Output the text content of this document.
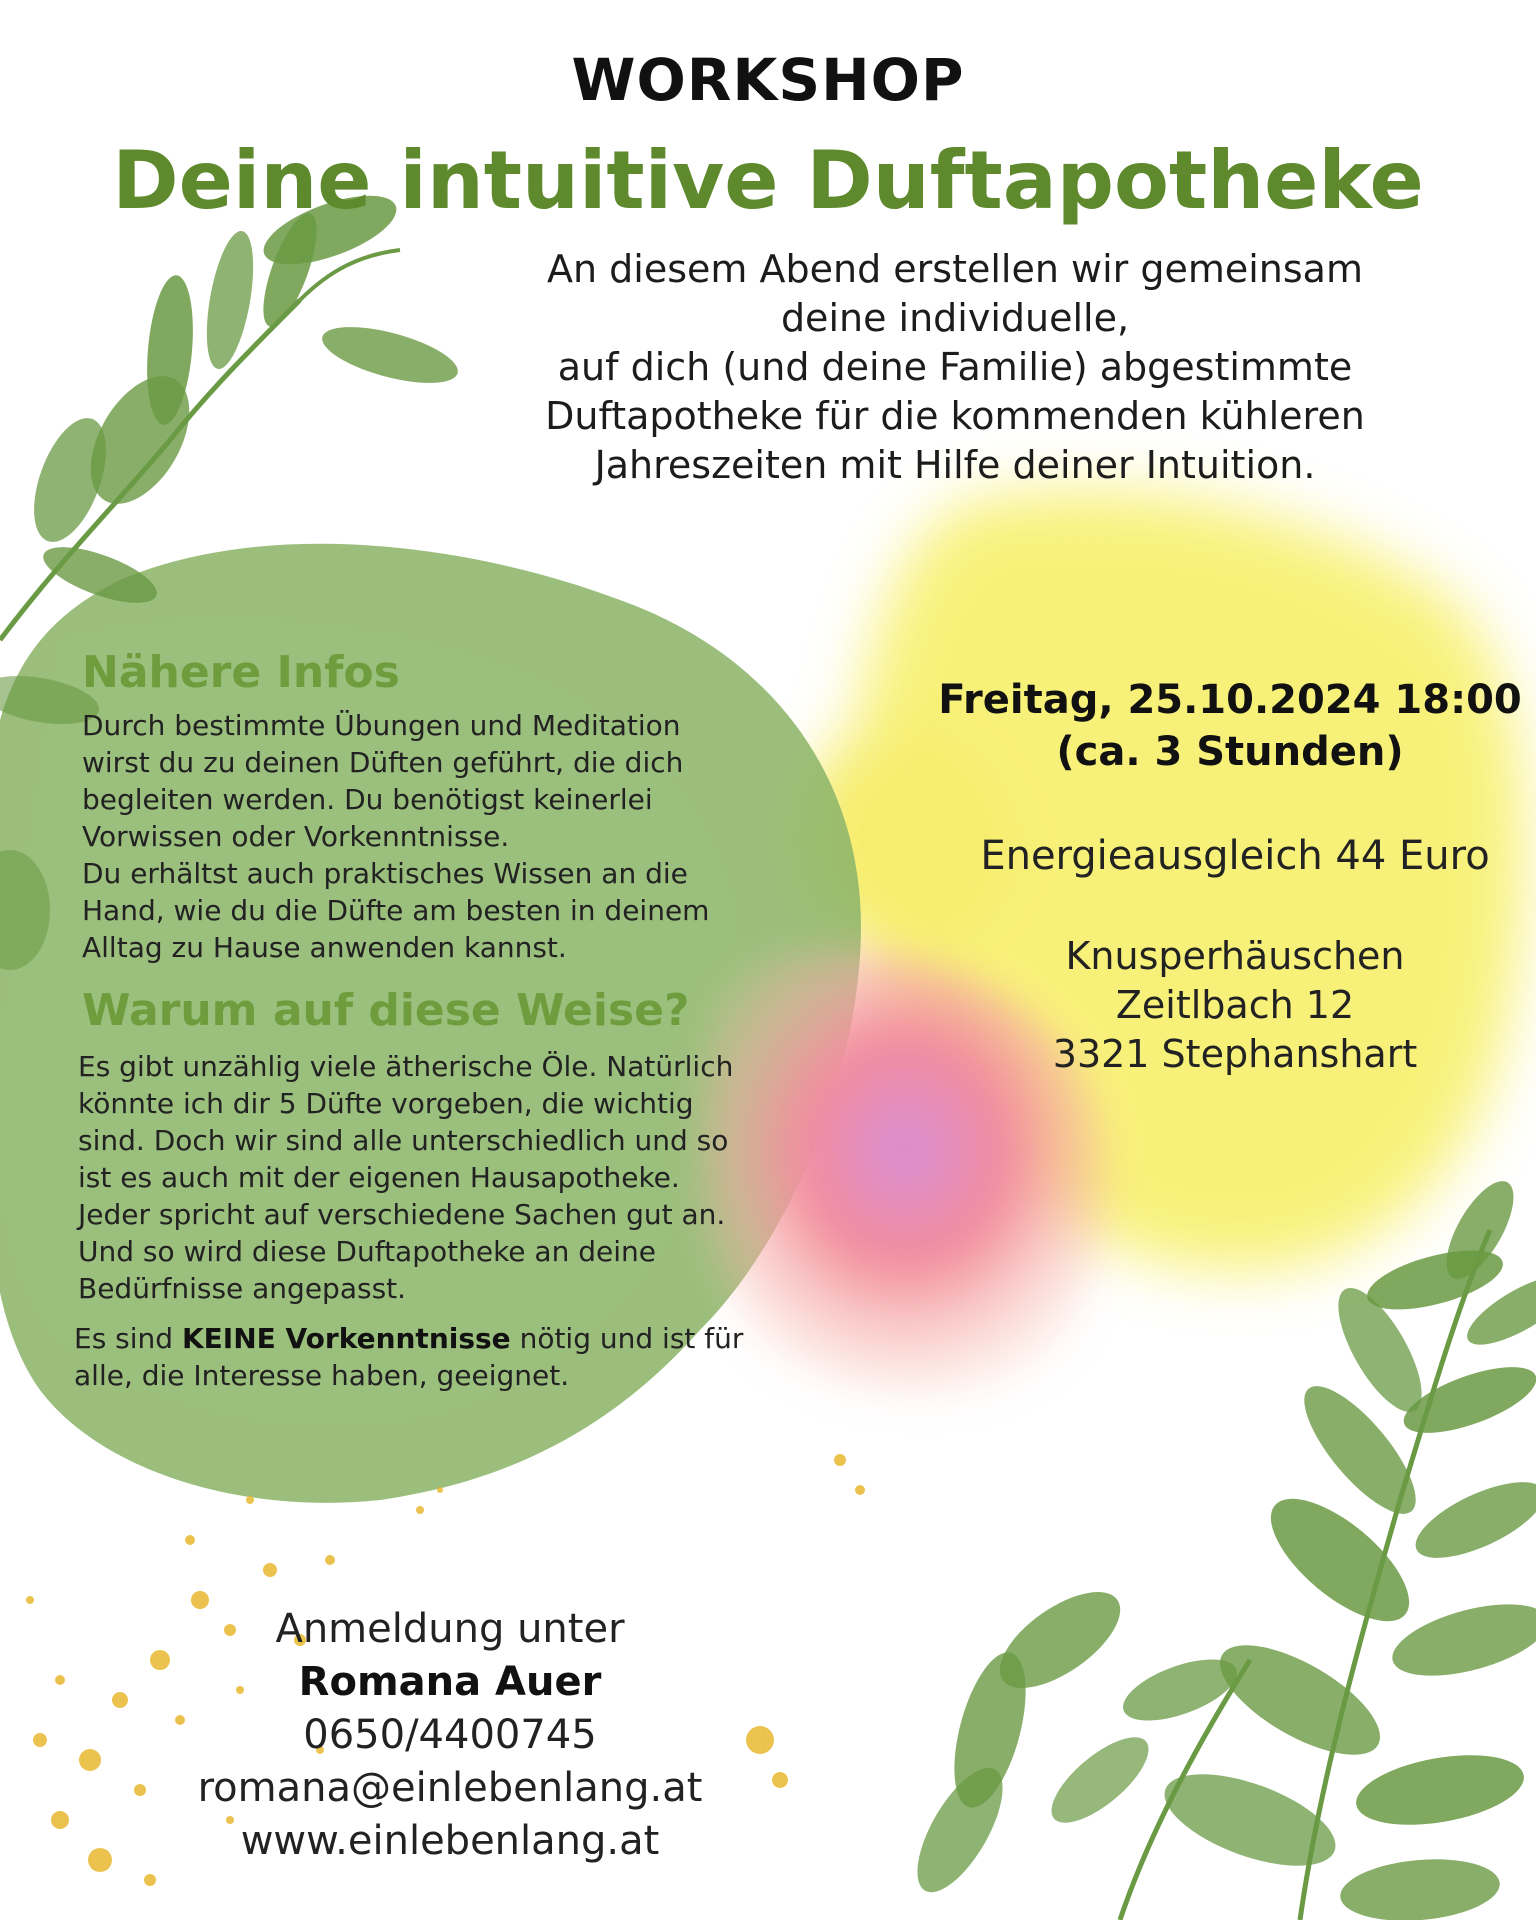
WORKSHOP
Deine intuitive Duftapotheke
An diesem Abend erstellen wir gemeinsam
deine individuelle,
auf dich (und deine Familie) abgestimmte
Duftapotheke für die kommenden kühleren
Jahreszeiten mit Hilfe deiner Intuition.
Nähere Infos
Durch bestimmte Übungen und Meditation
wirst du zu deinen Düften geführt, die dich
begleiten werden. Du benötigst keinerlei
Vorwissen oder Vorkenntnisse.
Du erhältst auch praktisches Wissen an die
Hand, wie du die Düfte am besten in deinem
Alltag zu Hause anwenden kannst.
Warum auf diese Weise?
Es gibt unzählig viele ätherische Öle. Natürlich
könnte ich dir 5 Düfte vorgeben, die wichtig
sind. Doch wir sind alle unterschiedlich und so
ist es auch mit der eigenen Hausapotheke.
Jeder spricht auf verschiedene Sachen gut an.
Und so wird diese Duftapotheke an deine
Bedürfnisse angepasst.
Es sind KEINE Vorkenntnisse nötig und ist für
alle, die Interesse haben, geeignet.
Freitag, 25.10.2024 18:00
(ca. 3 Stunden)
Energieausgleich 44 Euro
Knusperhäuschen
Zeitlbach 12
3321 Stephanshart
Anmeldung unter
Romana Auer
0650/4400745
romana@einlebenlang.at
www.einlebenlang.at
